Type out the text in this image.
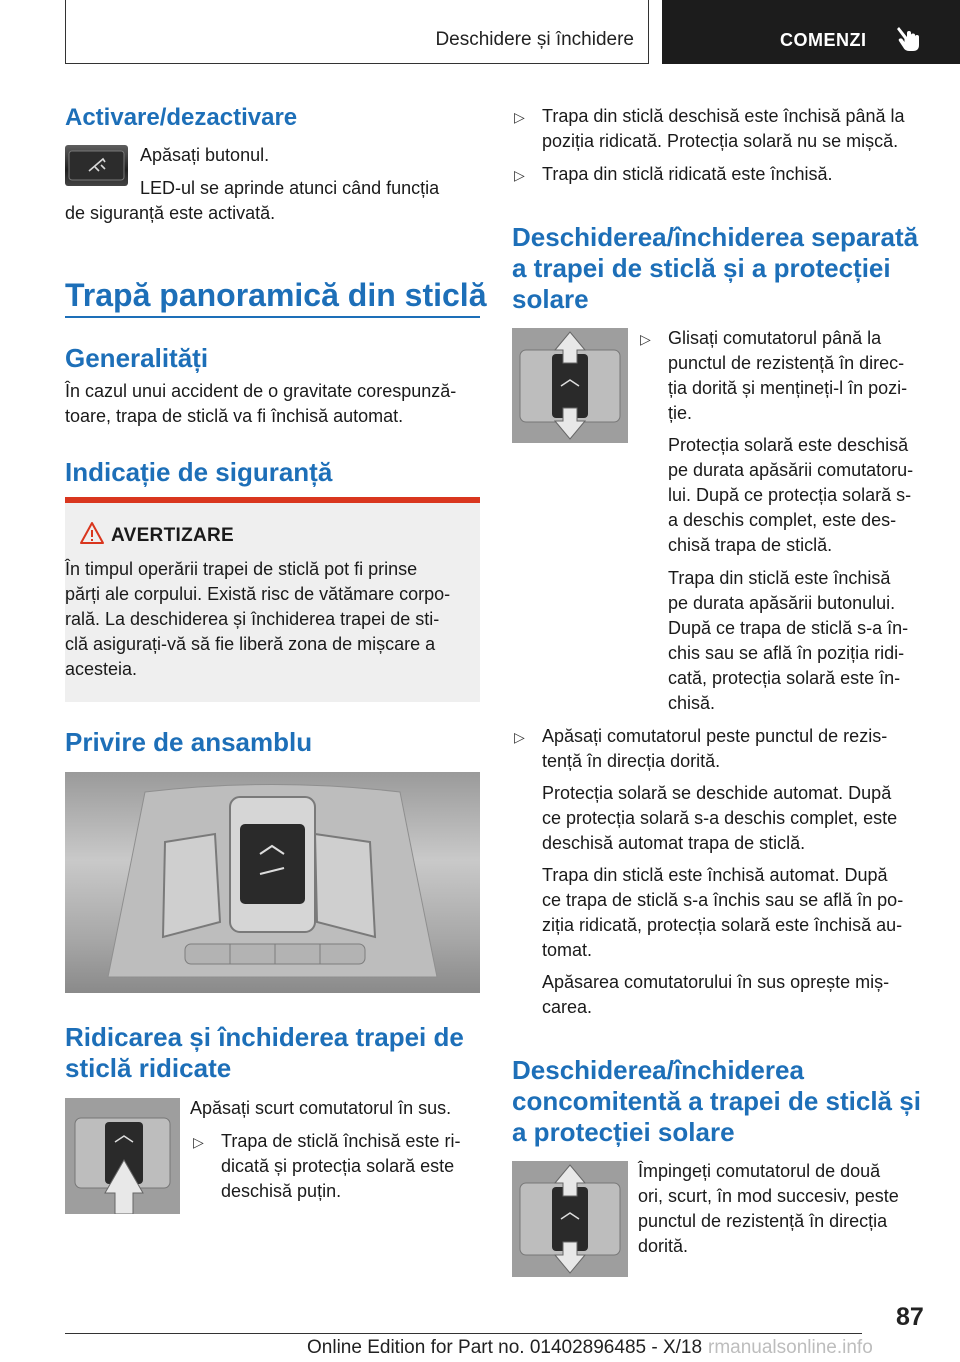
Deschidere și închidere	COMENZI
Activare/dezactivare
Apăsați butonul.
LED-ul se aprinde atunci când funcția
de siguranță este activată.
Trapă panoramică din sticlă
Generalități
În cazul unui accident de o gravitate corespunză-
toare, trapa de sticlă va fi închisă automat.
Indicație de siguranță
AVERTIZARE
În timpul operării trapei de sticlă pot fi prinse
părți ale corpului. Există risc de vătămare corpo-
rală. La deschiderea și închiderea trapei de sti-
clă asigurați-vă să fie liberă zona de mișcare a
acesteia.
Privire de ansamblu
Ridicarea și închiderea trapei de
sticlă ridicate
Apăsați scurt comutatorul în sus.
▷ Trapa de sticlă închisă este ri-
dicată și protecția solară este
deschisă puțin.
▷ Trapa din sticlă deschisă este închisă până la
poziția ridicată. Protecția solară nu se mișcă.
▷ Trapa din sticlă ridicată este închisă.
Deschiderea/închiderea separată
a trapei de sticlă și a protecției
solare
▷ Glisați comutatorul până la
punctul de rezistență în direc-
ția dorită și mențineți-l în pozi-
ție.
Protecția solară este deschisă
pe durata apăsării comutatoru-
lui. După ce protecția solară s-
a deschis complet, este des-
chisă trapa de sticlă.
Trapa din sticlă este închisă
pe durata apăsării butonului.
După ce trapa de sticlă s-a în-
chis sau se află în poziția ridi-
cată, protecția solară este în-
chisă.
▷ Apăsați comutatorul peste punctul de rezis-
tență în direcția dorită.
Protecția solară se deschide automat. După
ce protecția solară s-a deschis complet, este
deschisă automat trapa de sticlă.
Trapa din sticlă este închisă automat. După
ce trapa de sticlă s-a închis sau se află în po-
ziția ridicată, protecția solară este închisă au-
tomat.
Apăsarea comutatorului în sus oprește miș-
carea.
Deschiderea/închiderea
concomitentă a trapei de sticlă și
a protecției solare
Împingeți comutatorul de două
ori, scurt, în mod succesiv, peste
punctul de rezistență în direcția
dorită.
87
Online Edition for Part no. 01402896485 - X/18 rmanualsonline.info
